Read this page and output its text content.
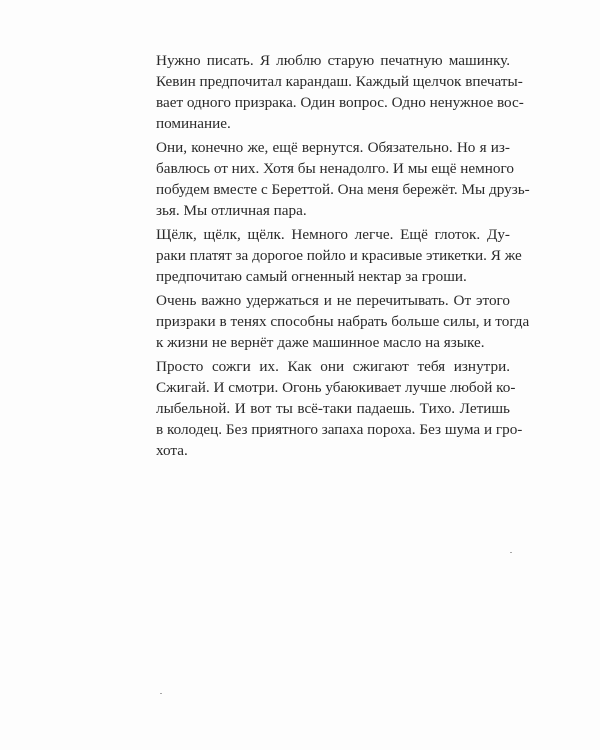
Нужно писать. Я люблю старую печатную машинку.
Кевин предпочитал карандаш. Каждый щелчок впечаты-
вает одного призрака. Один вопрос. Одно ненужное вос-
поминание.

Они, конечно же, ещё вернутся. Обязательно. Но я из-
бавлюсь от них. Хотя бы ненадолго. И мы ещё немного
побудем вместе с Береттой. Она меня бережёт. Мы друзь-
зья. Мы отличная пара.

Щёлк, щёлк, щёлк. Немного легче. Ещё глоток. Ду-
раки платят за дорогое пойло и красивые этикетки. Я же
предпочитаю самый огненный нектар за гроши.

Очень важно удержаться и не перечитывать. От этого
призраки в тенях способны набрать больше силы, и тогда
к жизни не вернёт даже машинное масло на языке.

Просто сожги их. Как они сжигают тебя изнутри.
Сжигай. И смотри. Огонь убаюкивает лучше любой ко-
лыбельной. И вот ты всё-таки падаешь. Тихо. Летишь
в колодец. Без приятного запаха пороха. Без шума и гро-
хота.
